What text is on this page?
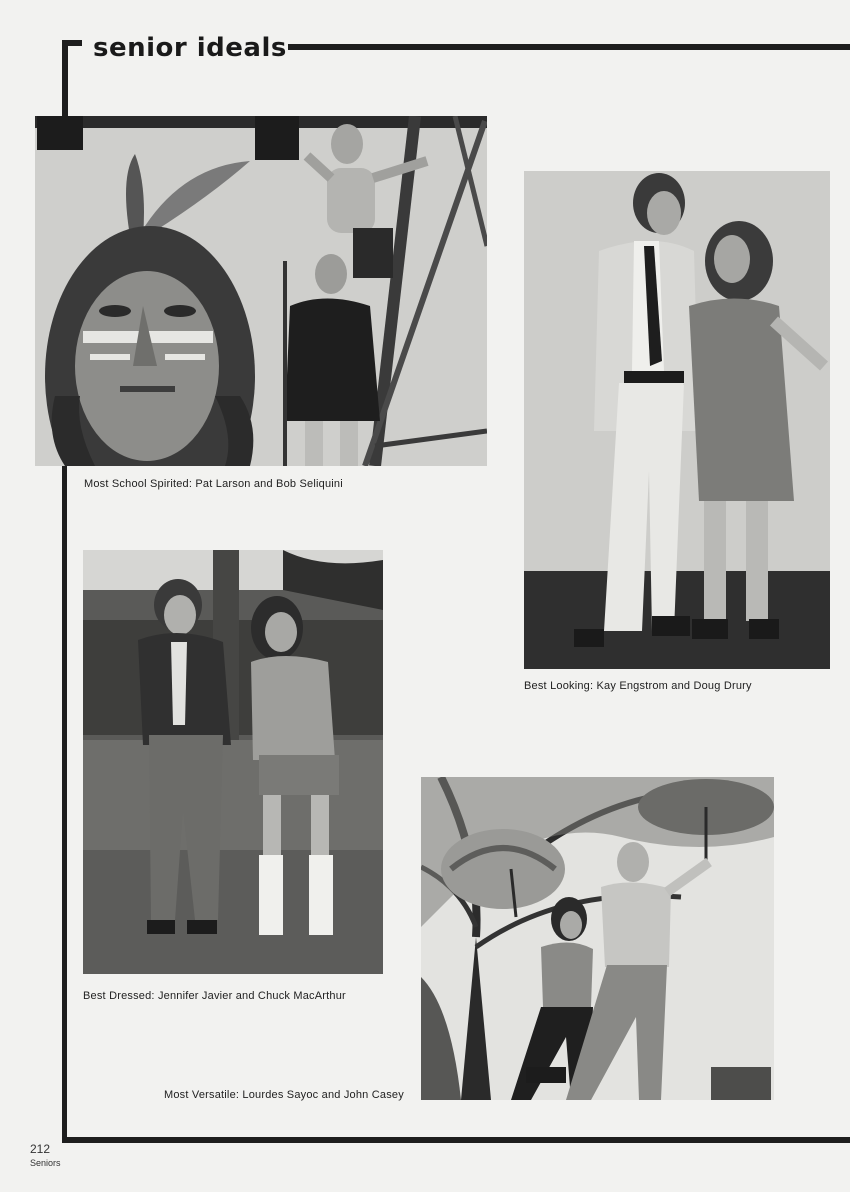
senior ideals

Most School Spirited: Pat Larson and Bob Seliquini

Best Looking: Kay Engstrom and Doug Drury

Best Dressed: Jennifer Javier and Chuck MacArthur

Most Versatile: Lourdes Sayoc and John Casey

212
Seniors
